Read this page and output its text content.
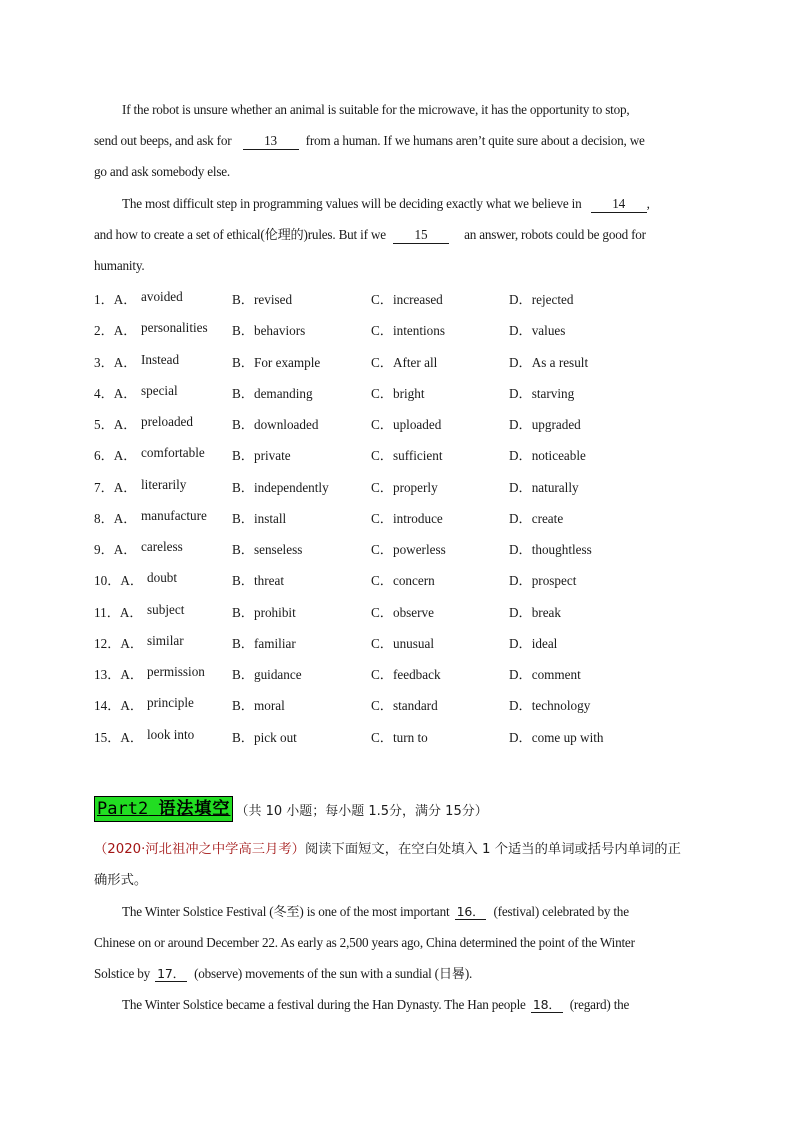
If the robot is unsure whether an animal is suitable for the microwave, it has the opportunity to stop,
send out beeps, and ask for 13 from a human. If we humans aren’t quite sure about a decision, we
go and ask somebody else.
The most difficult step in programming values will be deciding exactly what we believe in 14 ,
and how to create a set of ethical(伦理的)rules. But if we 15	an answer, robots could be good for
humanity.
1．A． avoided	B．revised	C．increased	D．rejected
2．A． personalities B．behaviors	C．intentions	D．values
3．A． Instead	B．For example	C．After all	D．As a result
4．A． special	B．demanding	C．bright	D．starving
5．A． preloaded	B．downloaded	C．uploaded	D．upgraded
6．A． comfortable B．private	C．sufficient	D．noticeable
7．A． literarily	B．independently	C．properly	D．naturally
8．A． manufacture B．install	C．introduce	D．create
9．A． careless	B．senseless	C．powerless	D．thoughtless
10．A． doubt	B．threat	C．concern	D．prospect
11．A． subject	B．prohibit	C．observe	D．break
12．A． similar	B．familiar	C．unusual	D．ideal
13．A． permission B．guidance	C．feedback	D．comment
14．A． principle	B．moral	C．standard	D．technology
15．A． look into	B．pick out	C．turn to	D．come up with
Part2 语法填空 （共 10 小题；每小题 1.5分，满分 15分）
（2020·河北祖冲之中学高三月考）阅读下面短文，在空白处填入 1 个适当的单词或括号内单词的正
确形式。
The Winter Solstice Festival (冬至) is one of the most important 16． (festival) celebrated by the
Chinese on or around December 22. As early as 2,500 years ago, China determined the point of the Winter
Solstice by 17． (observe) movements of the sun with a sundial (日晷).
The Winter Solstice became a festival during the Han Dynasty. The Han people 18． (regard) the
